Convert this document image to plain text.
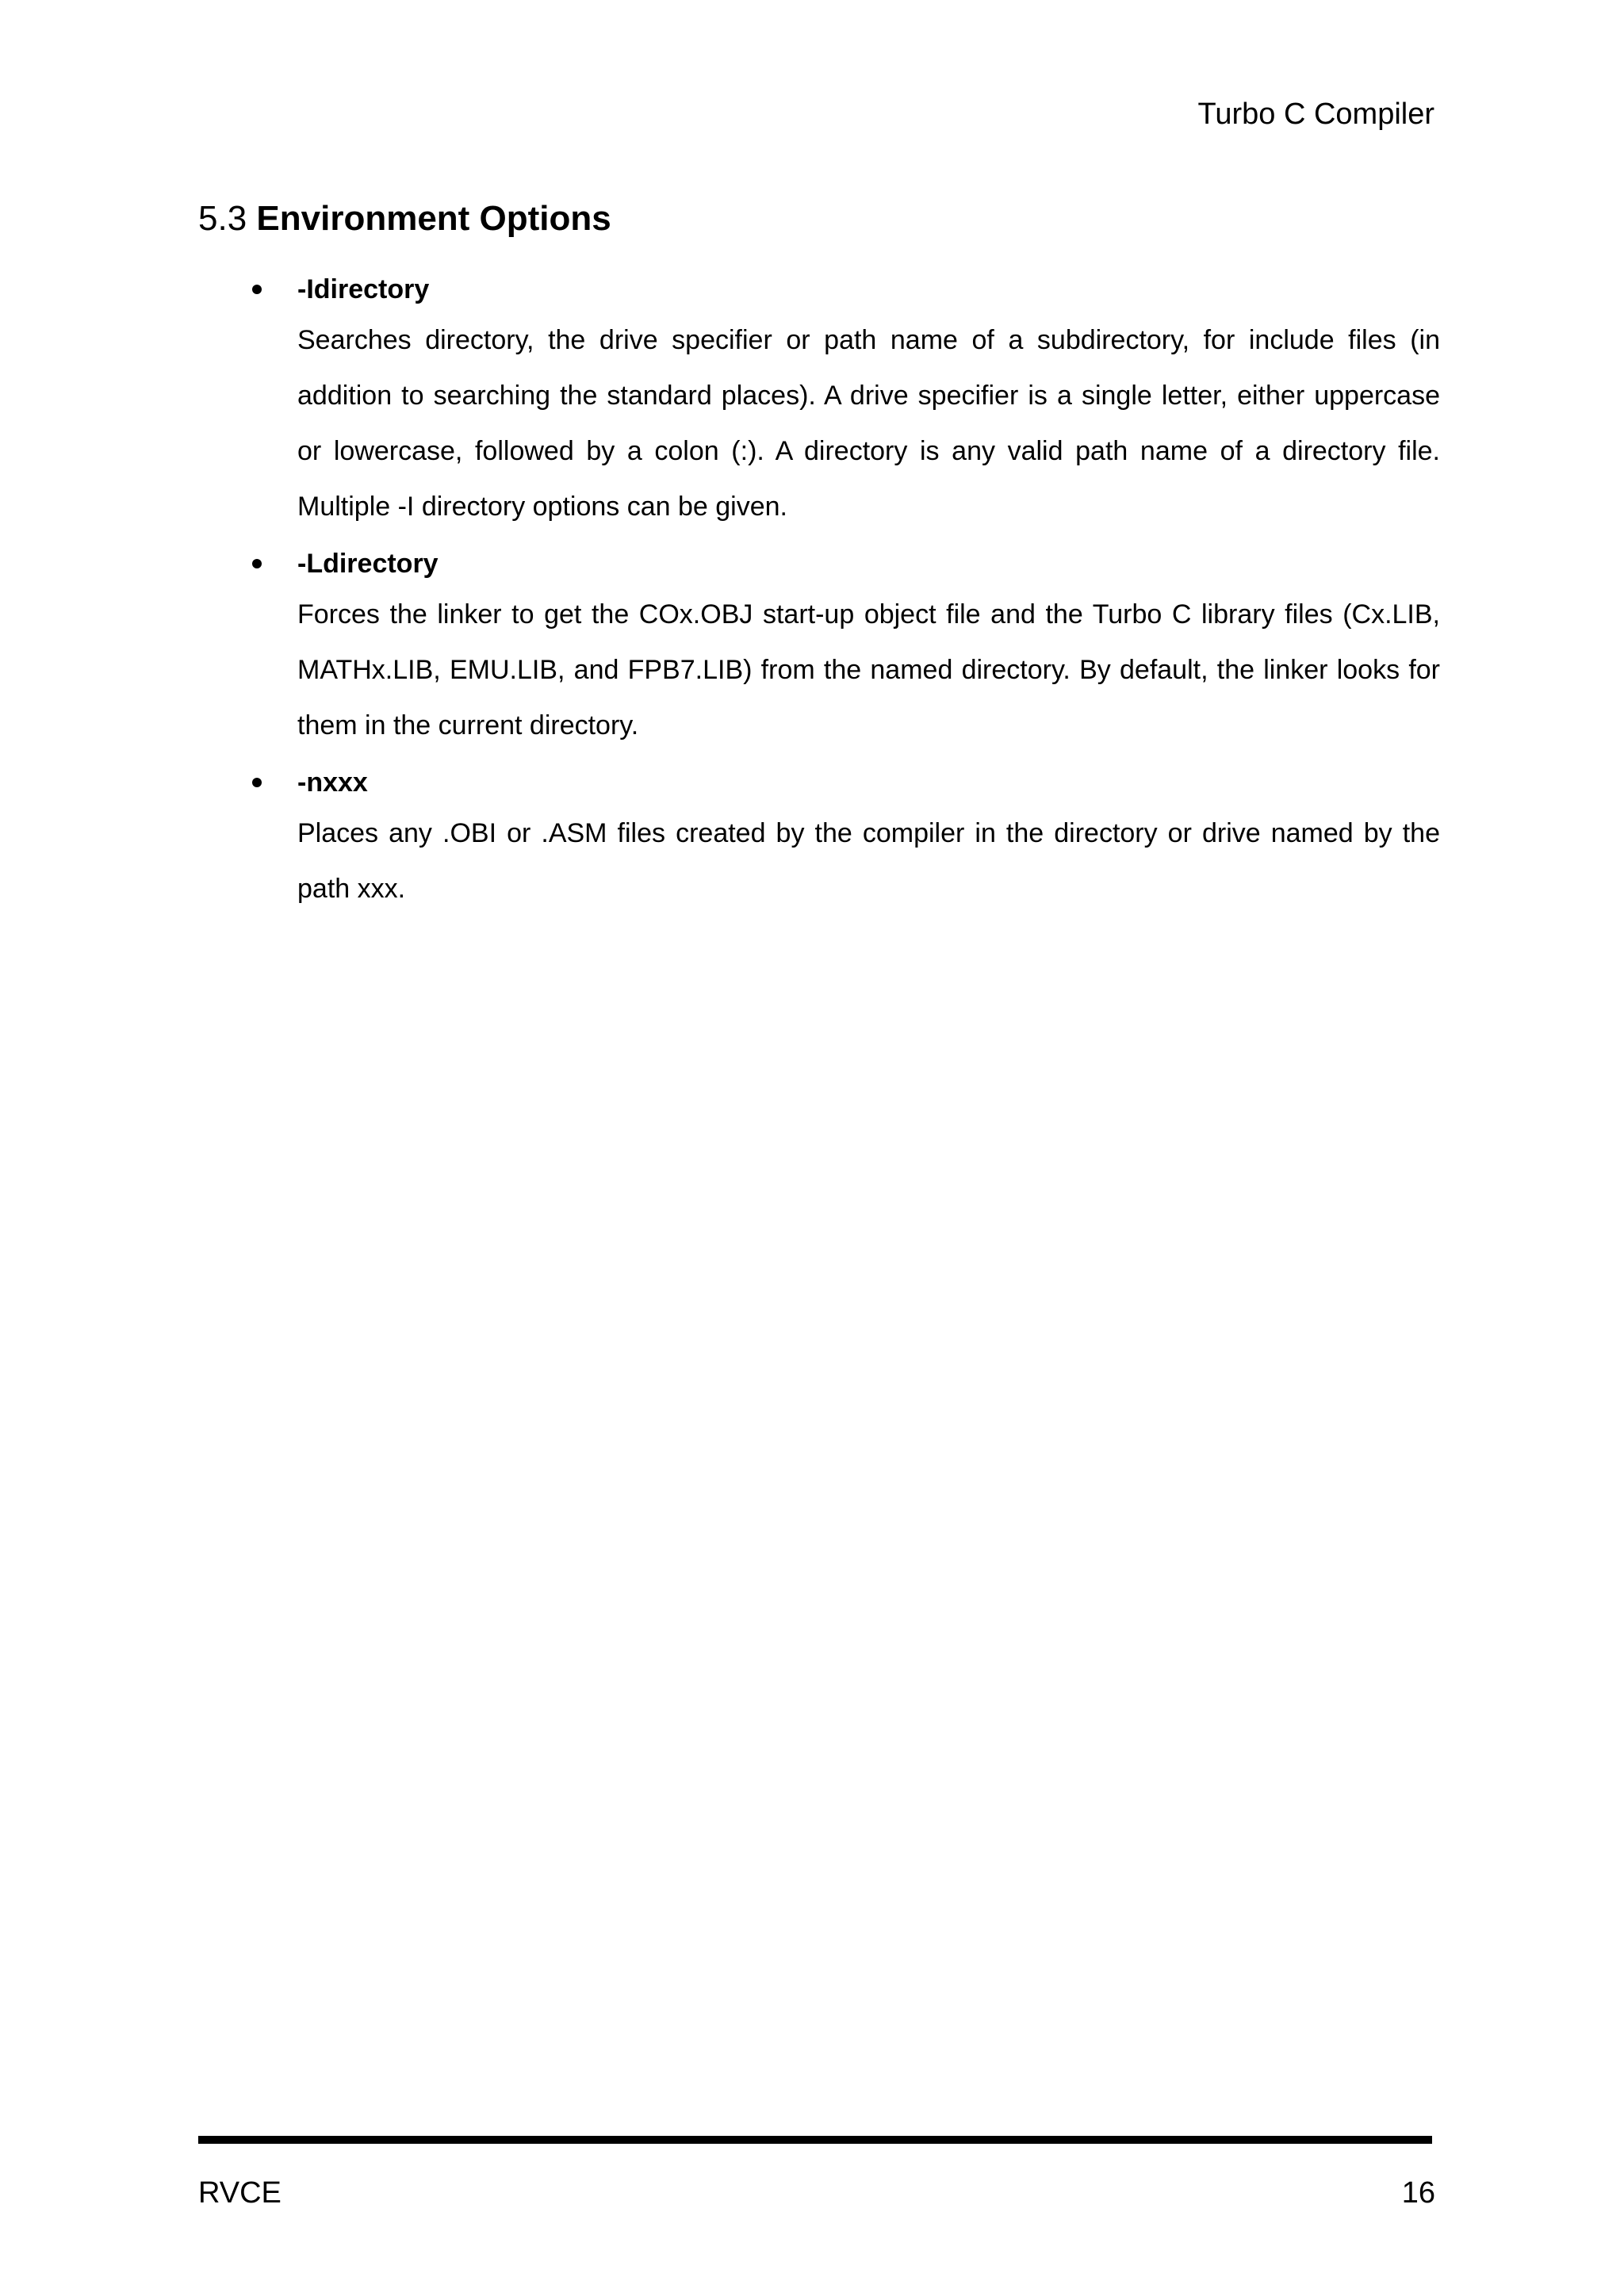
Turbo C Compiler
5.3 Environment Options

-Idirectory

Searches directory, the drive specifier or path name of a subdirectory, for include files (in addition to searching the standard places). A drive specifier is a single letter, either uppercase or lowercase, followed by a colon (:). A directory is any valid path name of a directory file. Multiple -I directory options can be given.

-Ldirectory

Forces the linker to get the COx.OBJ start-up object file and the Turbo C library files (Cx.LIB, MATHx.LIB, EMU.LIB, and FPB7.LIB) from the named directory. By default, the linker looks for them in the current directory.

-nxxx

Places any .OBI or .ASM files created by the compiler in the directory or drive named by the path xxx.

RVCE	16
